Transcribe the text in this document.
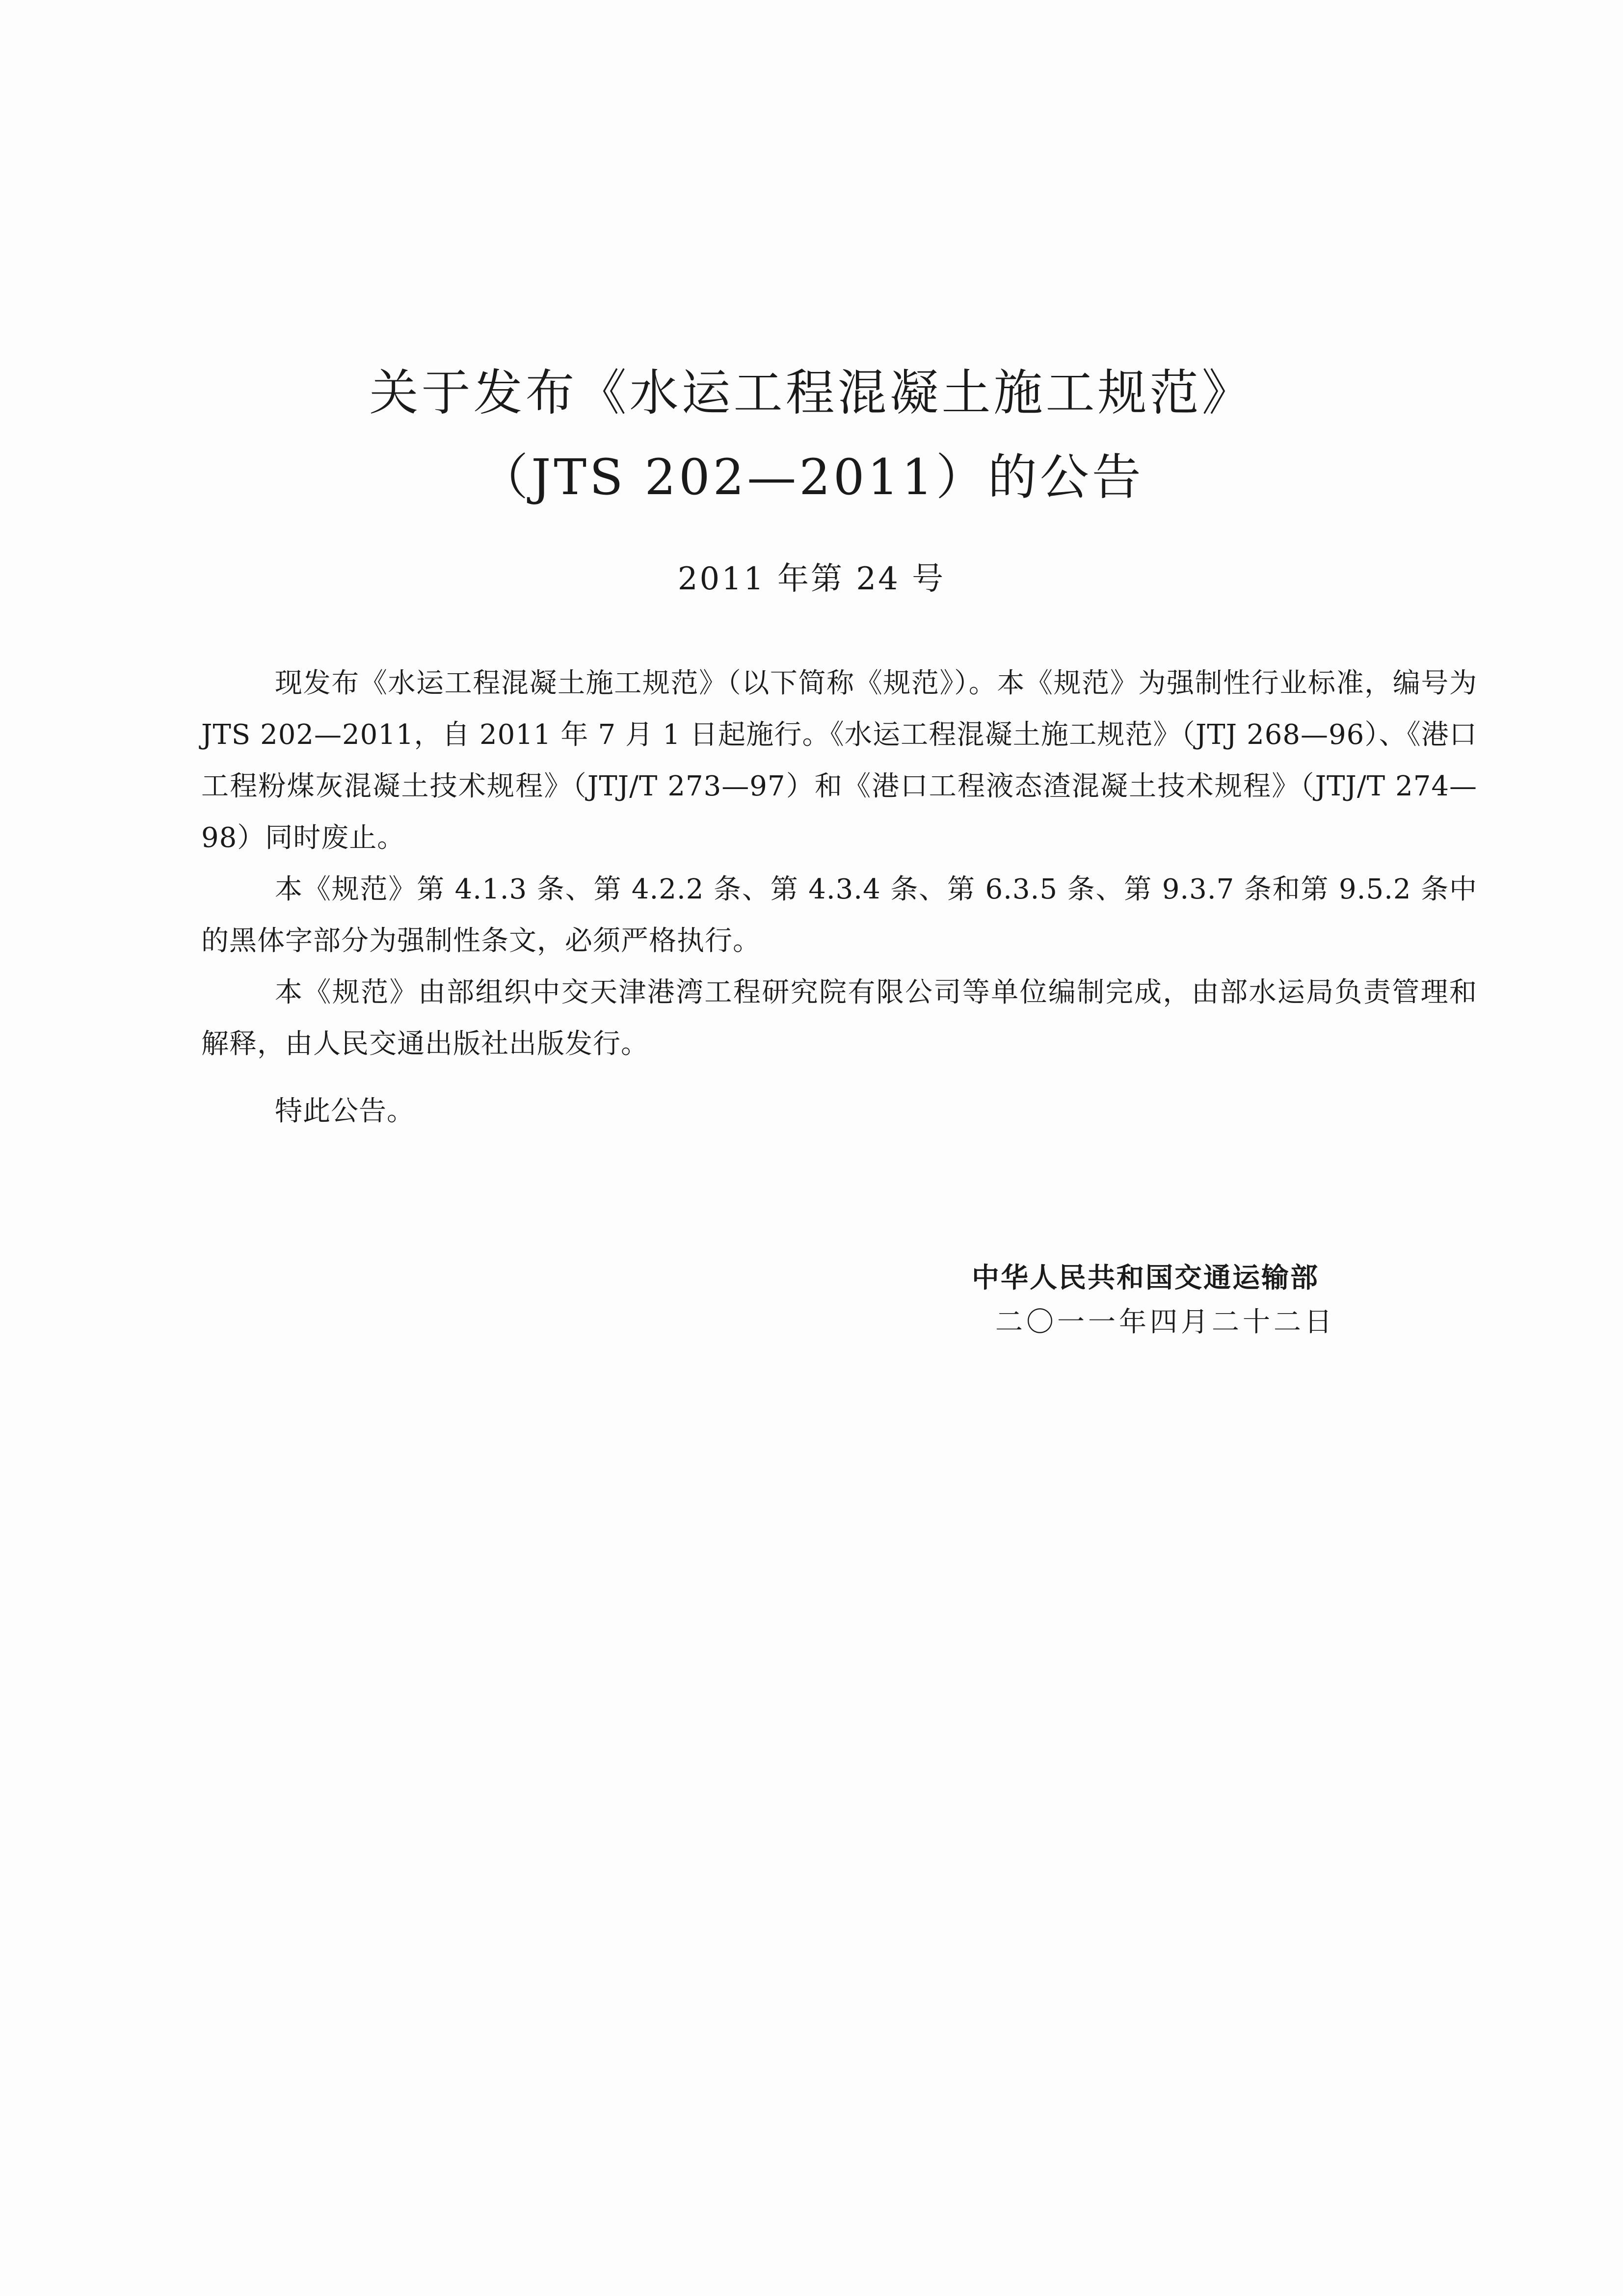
关于发布《水运工程混凝土施工规范》
（JTS 202—2011）的公告
2011 年第 24 号

现发布《水运工程混凝土施工规范》（以下简称《规范》）。本《规范》为强制性行业标准，编号为 JTS 202—2011，自 2011 年 7 月 1 日起施行。《水运工程混凝土施工规范》（JTJ 268—96）、《港口工程粉煤灰混凝土技术规程》（JTJ/T 273—97）和《港口工程液态渣混凝土技术规程》（JTJ/T 274—98）同时废止。

本《规范》第 4.1.3 条、第 4.2.2 条、第 4.3.4 条、第 6.3.5 条、第 9.3.7 条和第 9.5.2 条中的黑体字部分为强制性条文，必须严格执行。

本《规范》由部组织中交天津港湾工程研究院有限公司等单位编制完成，由部水运局负责管理和解释，由人民交通出版社出版发行。

特此公告。
中华人民共和国交通运输部
二〇一一年四月二十二日
